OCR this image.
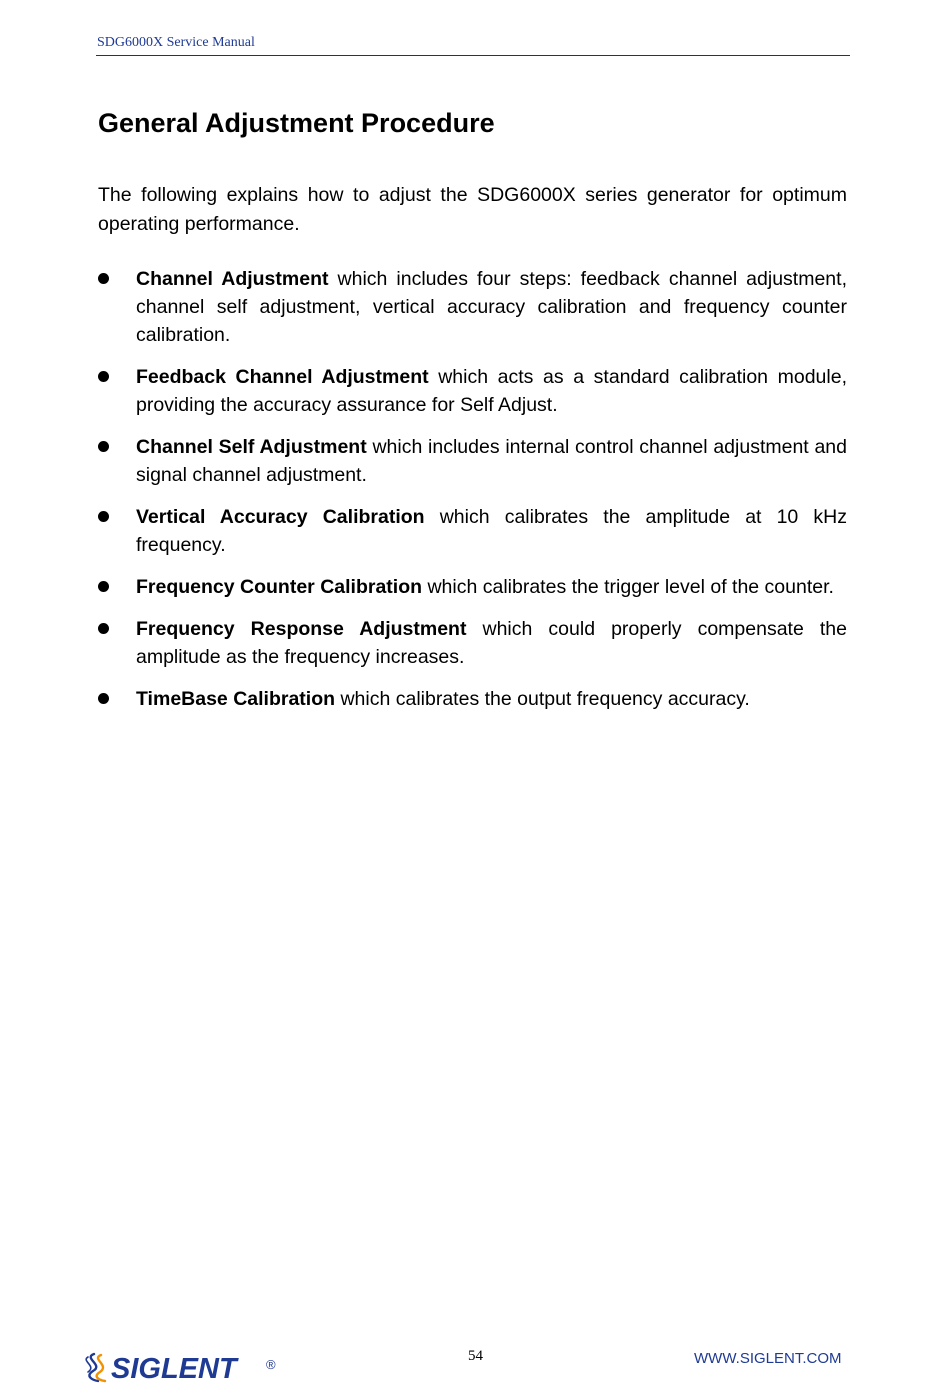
SDG6000X Service Manual
General Adjustment Procedure

The following explains how to adjust the SDG6000X series generator for optimum operating performance.

Channel Adjustment which includes four steps: feedback channel adjustment, channel self adjustment, vertical accuracy calibration and frequency counter calibration.
Feedback Channel Adjustment which acts as a standard calibration module, providing the accuracy assurance for Self Adjust.
Channel Self Adjustment which includes internal control channel adjustment and signal channel adjustment.
Vertical Accuracy Calibration which calibrates the amplitude at 10 kHz frequency.
Frequency Counter Calibration which calibrates the trigger level of the counter.
Frequency Response Adjustment which could properly compensate the amplitude as the frequency increases.
TimeBase Calibration which calibrates the output frequency accuracy.
SIGLENT ®
54	WWW.SIGLENT.COM
